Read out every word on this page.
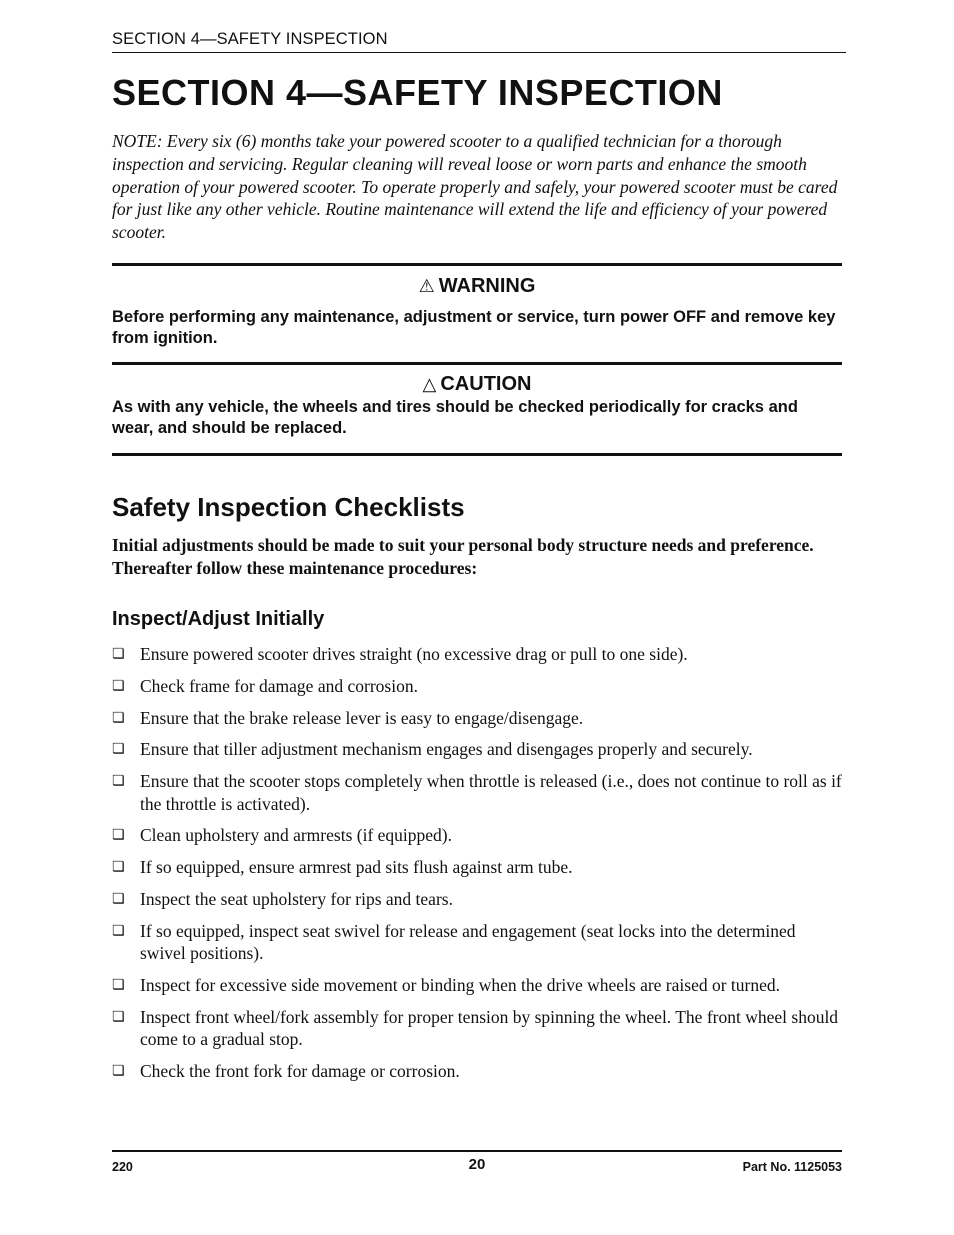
SECTION 4—SAFETY INSPECTION
SECTION 4—SAFETY INSPECTION

NOTE: Every six (6) months take your powered scooter to a qualified technician for a thorough inspection and servicing. Regular cleaning will reveal loose or worn parts and enhance the smooth operation of your powered scooter. To operate properly and safely, your powered scooter must be cared for just like any other vehicle. Routine maintenance will extend the life and efficiency of your powered scooter.

⚠ WARNING
Before performing any maintenance, adjustment or service, turn power OFF and remove key from ignition.
△ CAUTION
As with any vehicle, the wheels and tires should be checked periodically for cracks and wear, and should be replaced.
Safety Inspection Checklists
Initial adjustments should be made to suit your personal body structure needs and preference. Thereafter follow these maintenance procedures:
Inspect/Adjust Initially
❏ Ensure powered scooter drives straight (no excessive drag or pull to one side).
❏ Check frame for damage and corrosion.
❏ Ensure that the brake release lever is easy to engage/disengage.
❏ Ensure that tiller adjustment mechanism engages and disengages properly and securely.
❏ Ensure that the scooter stops completely when throttle is released (i.e., does not continue to roll as if the throttle is activated).
❏ Clean upholstery and armrests (if equipped).
❏ If so equipped, ensure armrest pad sits flush against arm tube.
❏ Inspect the seat upholstery for rips and tears.
❏ If so equipped, inspect seat swivel for release and engagement (seat locks into the determined swivel positions).
❏ Inspect for excessive side movement or binding when the drive wheels are raised or turned.
❏ Inspect front wheel/fork assembly for proper tension by spinning the wheel. The front wheel should come to a gradual stop.
❏ Check the front fork for damage or corrosion.
220	20	Part No. 1125053
